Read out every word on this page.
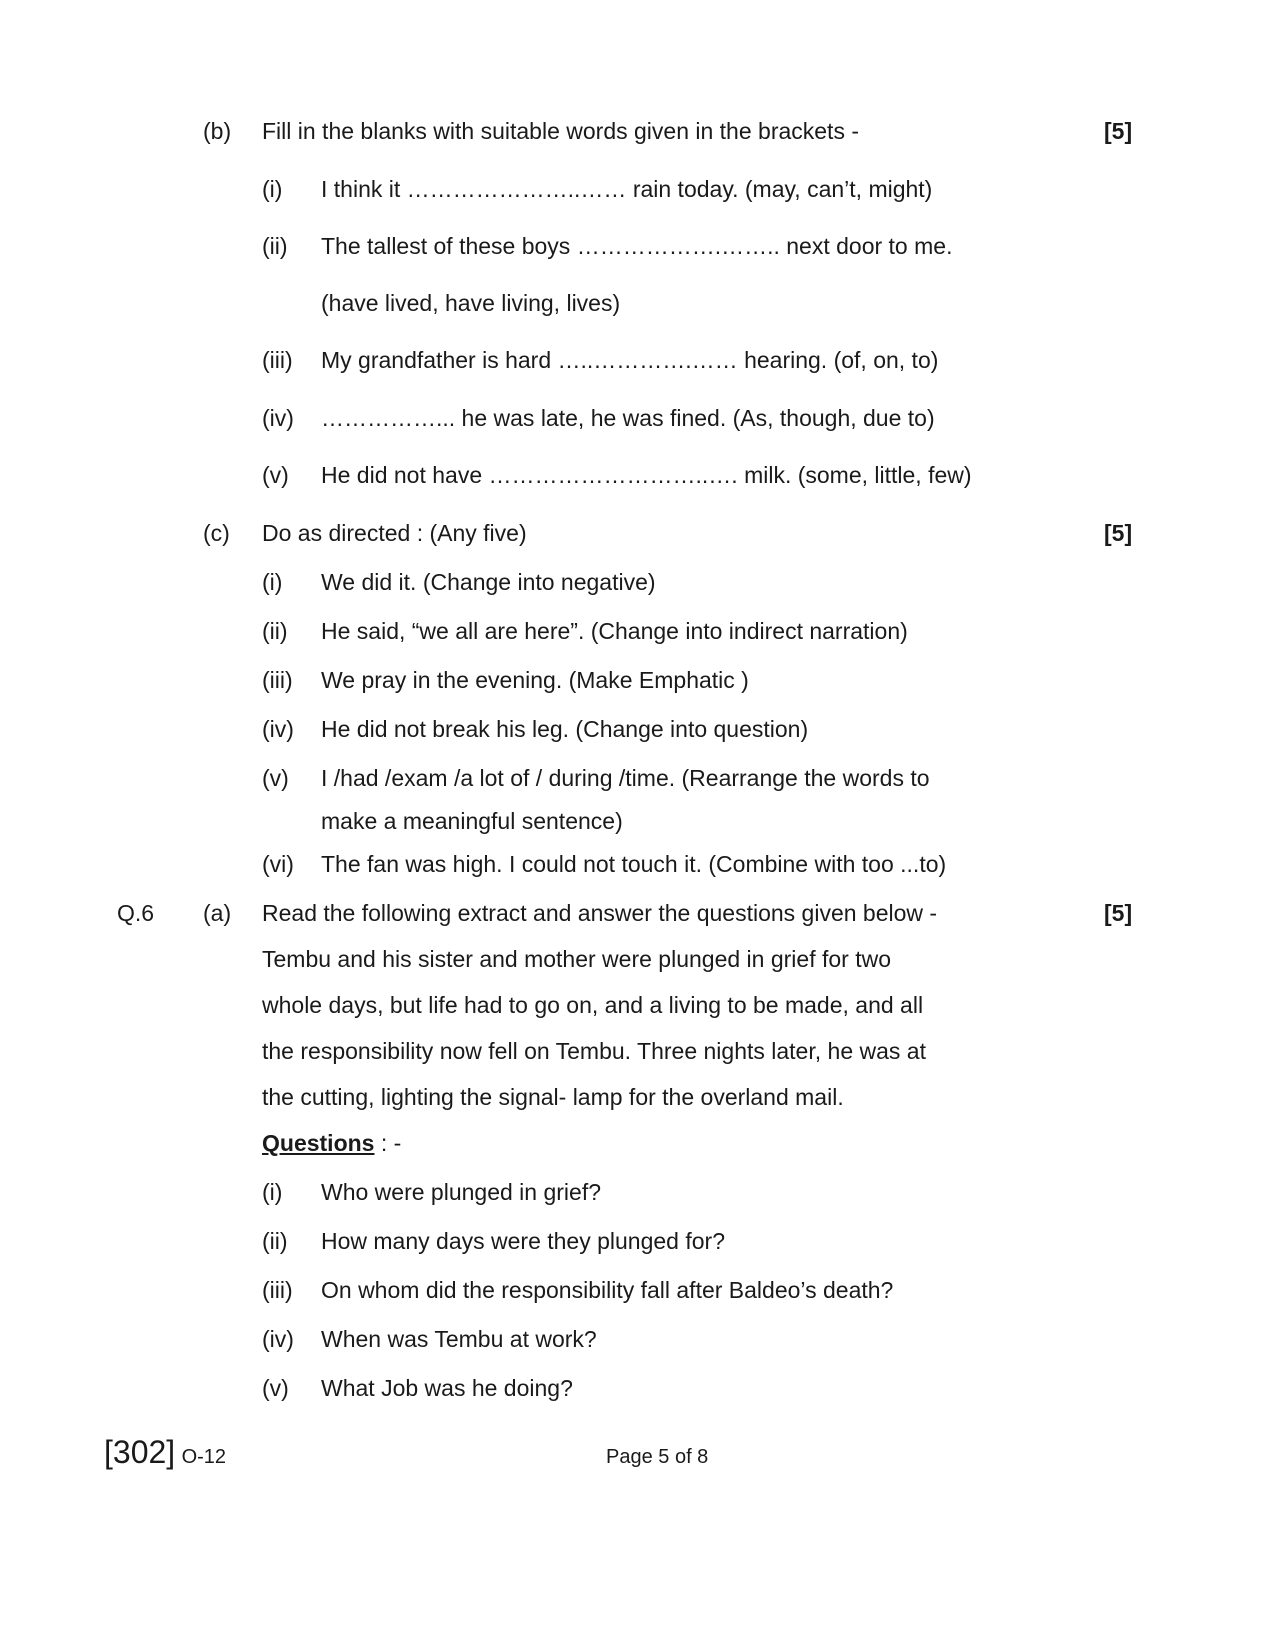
(b) Fill in the blanks with suitable words given in the brackets -	[5]
(i) I think it …………………..…… rain today. (may, can’t, might)
(ii) The tallest of these boys ……………….…….. next door to me.
(have lived, have living, lives)
(iii) My grandfather is hard …..………….…… hearing. (of, on, to)
(iv) ……………... he was late, he was fined. (As, though, due to)
(v) He did not have ………………………..…. milk. (some, little, few)
(c) Do as directed : (Any five)	[5]
(i) We did it. (Change into negative)
(ii) He said, “we all are here”. (Change into indirect narration)
(iii) We pray in the evening. (Make Emphatic )
(iv) He did not break his leg. (Change into question)
(v) I /had /exam /a lot of / during /time. (Rearrange the words to
make a meaningful sentence)
(vi) The fan was high. I could not touch it. (Combine with too ...to)
Q.6 (a) Read the following extract and answer the questions given below -	[5]
Tembu and his sister and mother were plunged in grief for two
whole days, but life had to go on, and a living to be made, and all
the responsibility now fell on Tembu. Three nights later, he was at
the cutting, lighting the signal- lamp for the overland mail.
Questions : -
(i) Who were plunged in grief?
(ii) How many days were they plunged for?
(iii) On whom did the responsibility fall after Baldeo’s death?
(iv) When was Tembu at work?
(v) What Job was he doing?
[302] O-12	Page 5 of 8
